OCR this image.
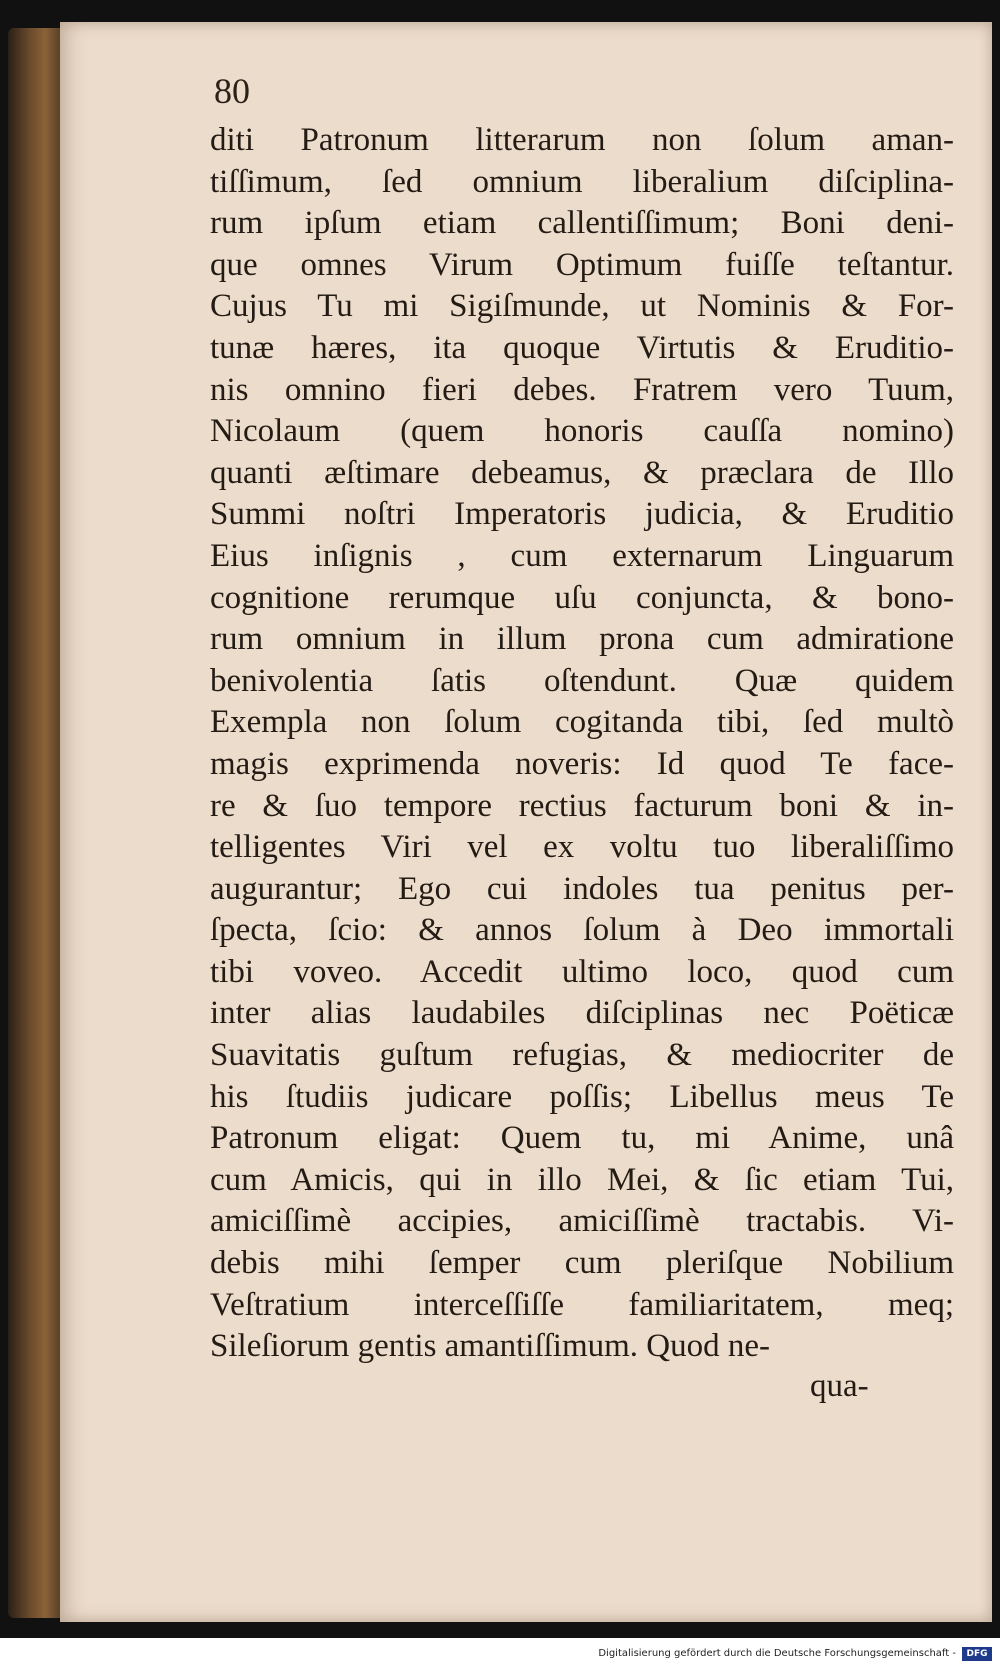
80
diti Patronum litterarum non ſolum aman-
tiſſimum, ſed omnium liberalium diſciplina-
rum ipſum etiam callentiſſimum; Boni deni-
que omnes Virum Optimum fuiſſe teſtantur.
Cujus Tu mi Sigiſmunde, ut Nominis & For-
tunæ hæres, ita quoque Virtutis & Eruditio-
nis omnino fieri debes. Fratrem vero Tuum,
Nicolaum (quem honoris cauſſa nomino)
quanti æſtimare debeamus, & præclara de Illo
Summi noſtri Imperatoris judicia, & Eruditio
Eius inſignis , cum externarum Linguarum
cognitione rerumque uſu conjuncta, & bono-
rum omnium in illum prona cum admiratione
benivolentia ſatis oſtendunt. Quæ quidem
Exempla non ſolum cogitanda tibi, ſed multò
magis exprimenda noveris: Id quod Te face-
re & ſuo tempore rectius facturum boni & in-
telligentes Viri vel ex voltu tuo liberaliſſimo
augurantur; Ego cui indoles tua penitus per-
ſpecta, ſcio: & annos ſolum à Deo immortali
tibi voveo. Accedit ultimo loco, quod cum
inter alias laudabiles diſciplinas nec Poëticæ
Suavitatis guſtum refugias, & mediocriter de
his ſtudiis judicare poſſis; Libellus meus Te
Patronum eligat: Quem tu, mi Anime, unâ
cum Amicis, qui in illo Mei, & ſic etiam Tui,
amiciſſimè accipies, amiciſſimè tractabis. Vi-
debis mihi ſemper cum pleriſque Nobilium
Veſtratium interceſſiſſe familiaritatem, meq;
Sileſiorum gentis amantiſſimum. Quod ne-
qua-
Digitalisierung gefördert durch die Deutsche Forschungsgemeinschaft -	DFG
